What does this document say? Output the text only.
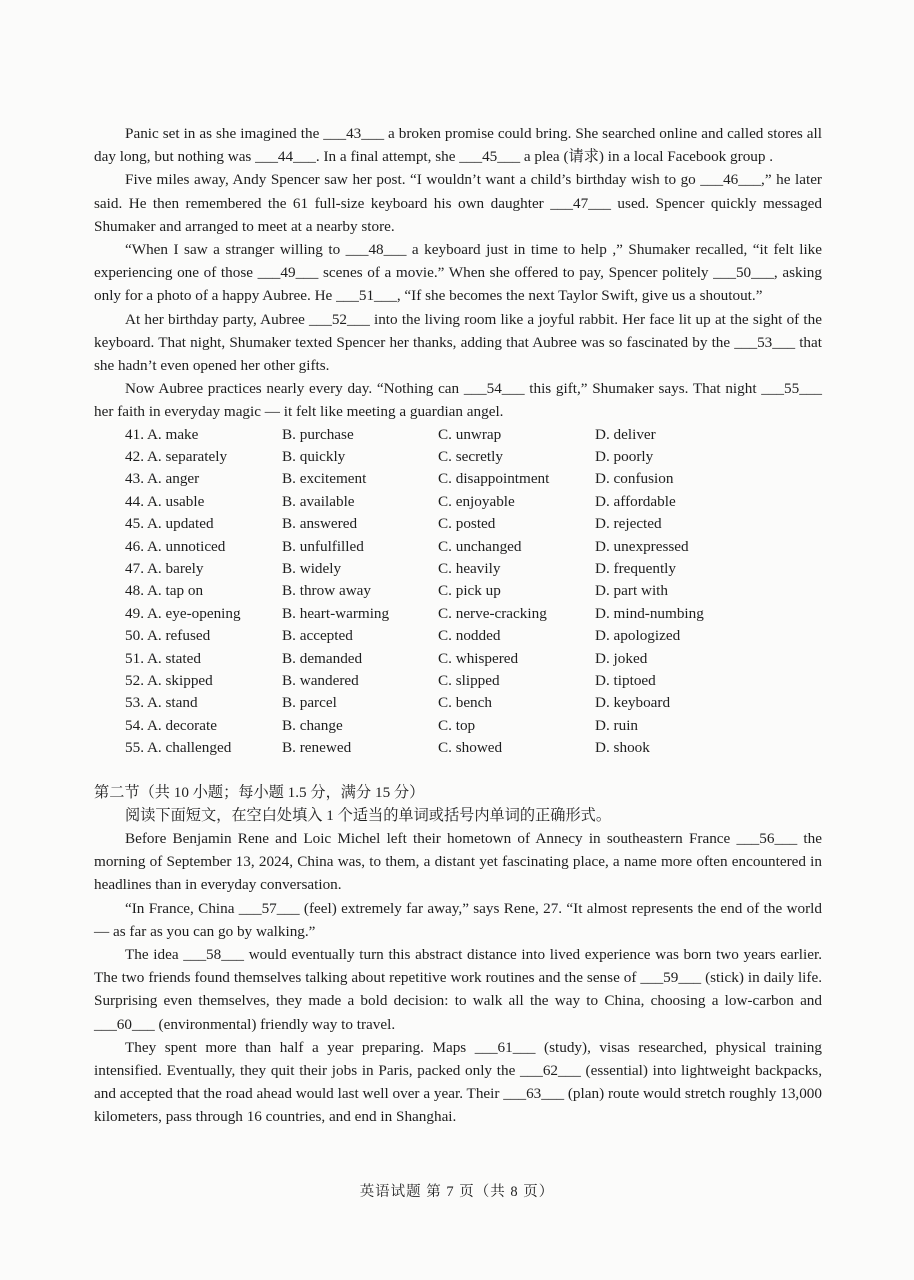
Panic set in as she imagined the ___43___ a broken promise could bring. She searched online and called stores all day long, but nothing was ___44___. In a final attempt, she ___45___ a plea (请求) in a local Facebook group .

Five miles away, Andy Spencer saw her post. “I wouldn’t want a child’s birthday wish to go ___46___,” he later said. He then remembered the 61 full-size keyboard his own daughter ___47___ used. Spencer quickly messaged Shumaker and arranged to meet at a nearby store.

“When I saw a stranger willing to ___48___ a keyboard just in time to help ,” Shumaker recalled, “it felt like experiencing one of those ___49___ scenes of a movie.” When she offered to pay, Spencer politely ___50___, asking only for a photo of a happy Aubree. He ___51___, “If she becomes the next Taylor Swift, give us a shoutout.”

At her birthday party, Aubree ___52___ into the living room like a joyful rabbit. Her face lit up at the sight of the keyboard. That night, Shumaker texted Spencer her thanks, adding that Aubree was so fascinated by the ___53___ that she hadn’t even opened her other gifts.

Now Aubree practices nearly every day. “Nothing can ___54___ this gift,” Shumaker says. That night ___55___ her faith in everyday magic — it felt like meeting a guardian angel.

41. A. make	B. purchase	C. unwrap	D. deliver
42. A. separately	B. quickly	C. secretly	D. poorly
43. A. anger	B. excitement	C. disappointment	D. confusion
44. A. usable	B. available	C. enjoyable	D. affordable
45. A. updated	B. answered	C. posted	D. rejected
46. A. unnoticed	B. unfulfilled	C. unchanged	D. unexpressed
47. A. barely	B. widely	C. heavily	D. frequently
48. A. tap on	B. throw away	C. pick up	D. part with
49. A. eye-opening	B. heart-warming	C. nerve-cracking	D. mind-numbing
50. A. refused	B. accepted	C. nodded	D. apologized
51. A. stated	B. demanded	C. whispered	D. joked
52. A. skipped	B. wandered	C. slipped	D. tiptoed
53. A. stand	B. parcel	C. bench	D. keyboard
54. A. decorate	B. change	C. top	D. ruin
55. A. challenged	B. renewed	C. showed	D. shook

第二节（共 10 小题；每小题 1.5 分，满分 15 分）

阅读下面短文，在空白处填入 1 个适当的单词或括号内单词的正确形式。

Before Benjamin Rene and Loic Michel left their hometown of Annecy in southeastern France ___56___ the morning of September 13, 2024, China was, to them, a distant yet fascinating place, a name more often encountered in headlines than in everyday conversation.

“In France, China ___57___ (feel) extremely far away,” says Rene, 27. “It almost represents the end of the world — as far as you can go by walking.”

The idea ___58___ would eventually turn this abstract distance into lived experience was born two years earlier. The two friends found themselves talking about repetitive work routines and the sense of ___59___ (stick) in daily life. Surprising even themselves, they made a bold decision: to walk all the way to China, choosing a low-carbon and ___60___ (environmental) friendly way to travel.

They spent more than half a year preparing. Maps ___61___ (study), visas researched, physical training intensified. Eventually, they quit their jobs in Paris, packed only the ___62___ (essential) into lightweight backpacks, and accepted that the road ahead would last well over a year. Their ___63___ (plan) route would stretch roughly 13,000 kilometers, pass through 16 countries, and end in Shanghai.

英语试题 第 7 页（共 8 页）
